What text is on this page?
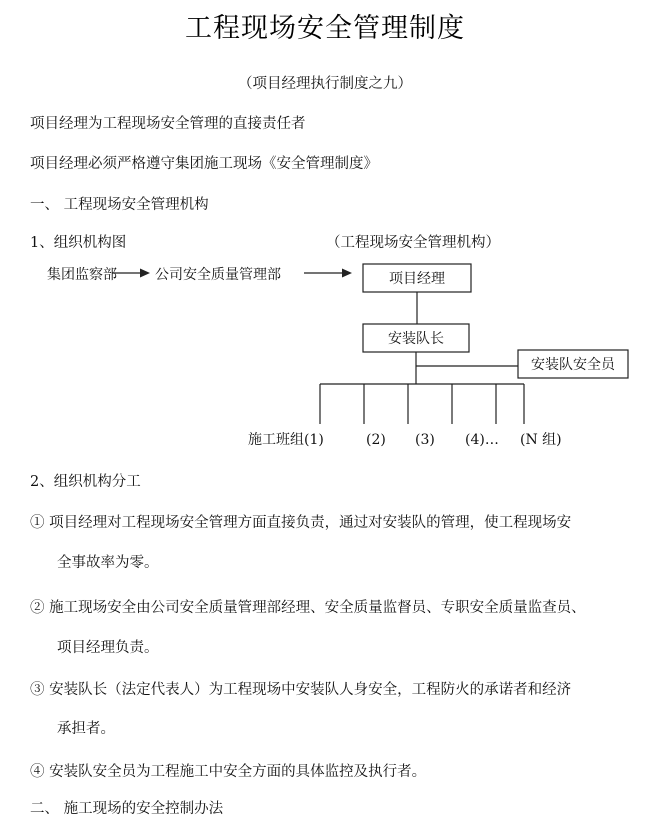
工程现场安全管理制度
（项目经理执行制度之九）
项目经理为工程现场安全管理的直接责任者
项目经理必须严格遵守集团施工现场《安全管理制度》
一、 工程现场安全管理机构
1、组织机构图	（工程现场安全管理机构）
集团监察部	公司安全质量管理部	项目经理
安装队长
安装队安全员
施工班组(1)	(2) (3) (4)… (N 组)
2、组织机构分工
① 项目经理对工程现场安全管理方面直接负责，通过对安装队的管理，使工程现场安
全事故率为零。
② 施工现场安全由公司安全质量管理部经理、安全质量监督员、专职安全质量监查员、
项目经理负责。
③ 安装队长（法定代表人）为工程现场中安装队人身安全，工程防火的承诺者和经济
承担者。
④ 安装队安全员为工程施工中安全方面的具体监控及执行者。
二、 施工现场的安全控制办法
